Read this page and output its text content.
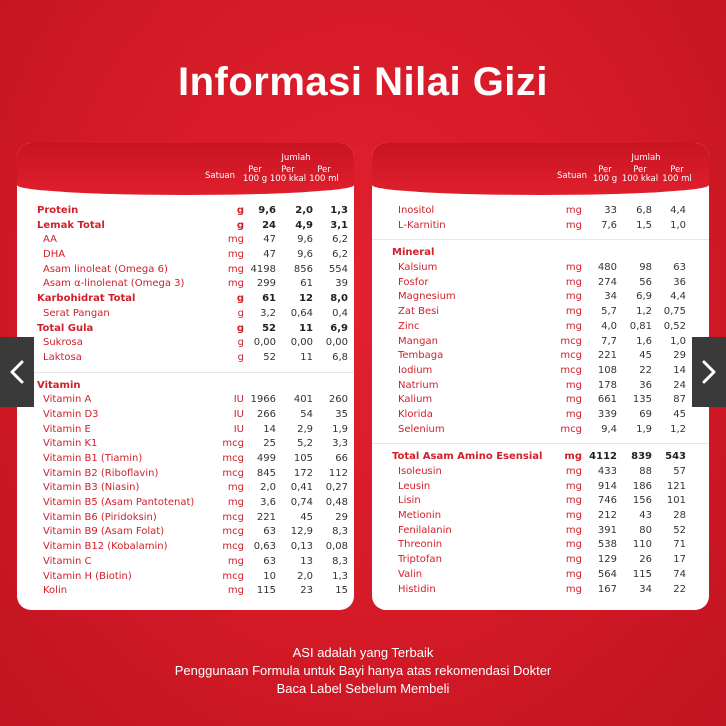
Informasi Nilai Gizi
Satuan
Jumlah
Per
100 g
Per
100 kkal
Per
100 ml
Protein	g	9,6	2,0	1,3
Lemak Total	g	24	4,9	3,1
AA	mg	47	9,6	6,2
DHA	mg	47	9,6	6,2
Asam linoleat (Omega 6)	mg 4198	856	554
Asam α-linolenat (Omega 3)	mg	299	61	39
Karbohidrat Total	g	61	12	8,0
Serat Pangan	g	3,2	0,64	0,4
Total Gula	g	52	11	6,9
Sukrosa	g 0,00	0,00	0,00
Laktosa	g	52	11	6,8
Vitamin
Vitamin A	IU 1966	401	260
Vitamin D3	IU	266	54	35
Vitamin E	IU	14	2,9	1,9
Vitamin K1	mcg	25	5,2	3,3
Vitamin B1 (Tiamin)	mcg	499	105	66
Vitamin B2 (Riboflavin)	mcg	845	172	112
Vitamin B3 (Niasin)	mg	2,0	0,41	0,27
Vitamin B5 (Asam Pantotenat)	mg	3,6	0,74	0,48
Vitamin B6 (Piridoksin)	mcg	221	45	29
Vitamin B9 (Asam Folat)	mcg	63	12,9	8,3
Vitamin B12 (Kobalamin)	mcg 0,63	0,13	0,08
Vitamin C	mg	63	13	8,3
Vitamin H (Biotin)	mcg	10	2,0	1,3
Kolin	mg	115	23	15
Satuan
Jumlah
Per
100 g
Per
100 kkal
Per
100 ml
Inositol	mg	33	6,8	4,4
L-Karnitin	mg	7,6	1,5	1,0
Mineral
Kalsium	mg	480	98	63
Fosfor	mg	274	56	36
Magnesium	mg	34	6,9	4,4
Zat Besi	mg	5,7	1,2	0,75
Zinc	mg	4,0	0,81	0,52
Mangan	mcg	7,7	1,6	1,0
Tembaga	mcg	221	45	29
Iodium	mcg	108	22	14
Natrium	mg	178	36	24
Kalium	mg	661	135	87
Klorida	mg	339	69	45
Selenium	mcg	9,4	1,9	1,2
Total Asam Amino Esensial	mg 4112	839	543
Isoleusin	mg	433	88	57
Leusin	mg	914	186	121
Lisin	mg	746	156	101
Metionin	mg	212	43	28
Fenilalanin	mg	391	80	52
Threonin	mg	538	110	71
Triptofan	mg	129	26	17
Valin	mg	564	115	74
Histidin	mg	167	34	22
ASI adalah yang Terbaik
Penggunaan Formula untuk Bayi hanya atas rekomendasi Dokter
Baca Label Sebelum Membeli
